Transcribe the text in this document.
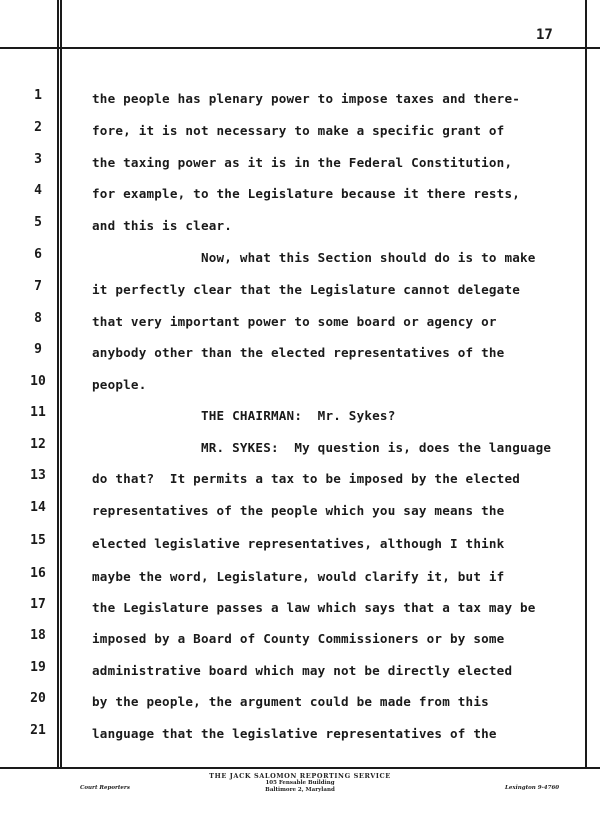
17
1
2
3
4
5
6
7
8
9
10
11
12
13
14
15
16
17
18
19
20
21
the people has plenary power to impose taxes and there-
fore, it is not necessary to make a specific grant of
the taxing power as it is in the Federal Constitution,
for example, to the Legislature because it there rests,
and this is clear.
Now, what this Section should do is to make
it perfectly clear that the Legislature cannot delegate
that very important power to some board or agency or
anybody other than the elected representatives of the
people.
THE CHAIRMAN:  Mr. Sykes?
MR. SYKES:  My question is, does the language
do that?  It permits a tax to be imposed by the elected
representatives of the people which you say means the
elected legislative representatives, although I think
maybe the word, Legislature, would clarify it, but if
the Legislature passes a law which says that a tax may be
imposed by a Board of County Commissioners or by some
administrative board which may not be directly elected
by the people, the argument could be made from this
language that the legislative representatives of the
THE JACK SALOMON REPORTING SERVICE
105 Fensable Building
Baltimore 2, Maryland
Court Reporters	Lexington 9-4760
